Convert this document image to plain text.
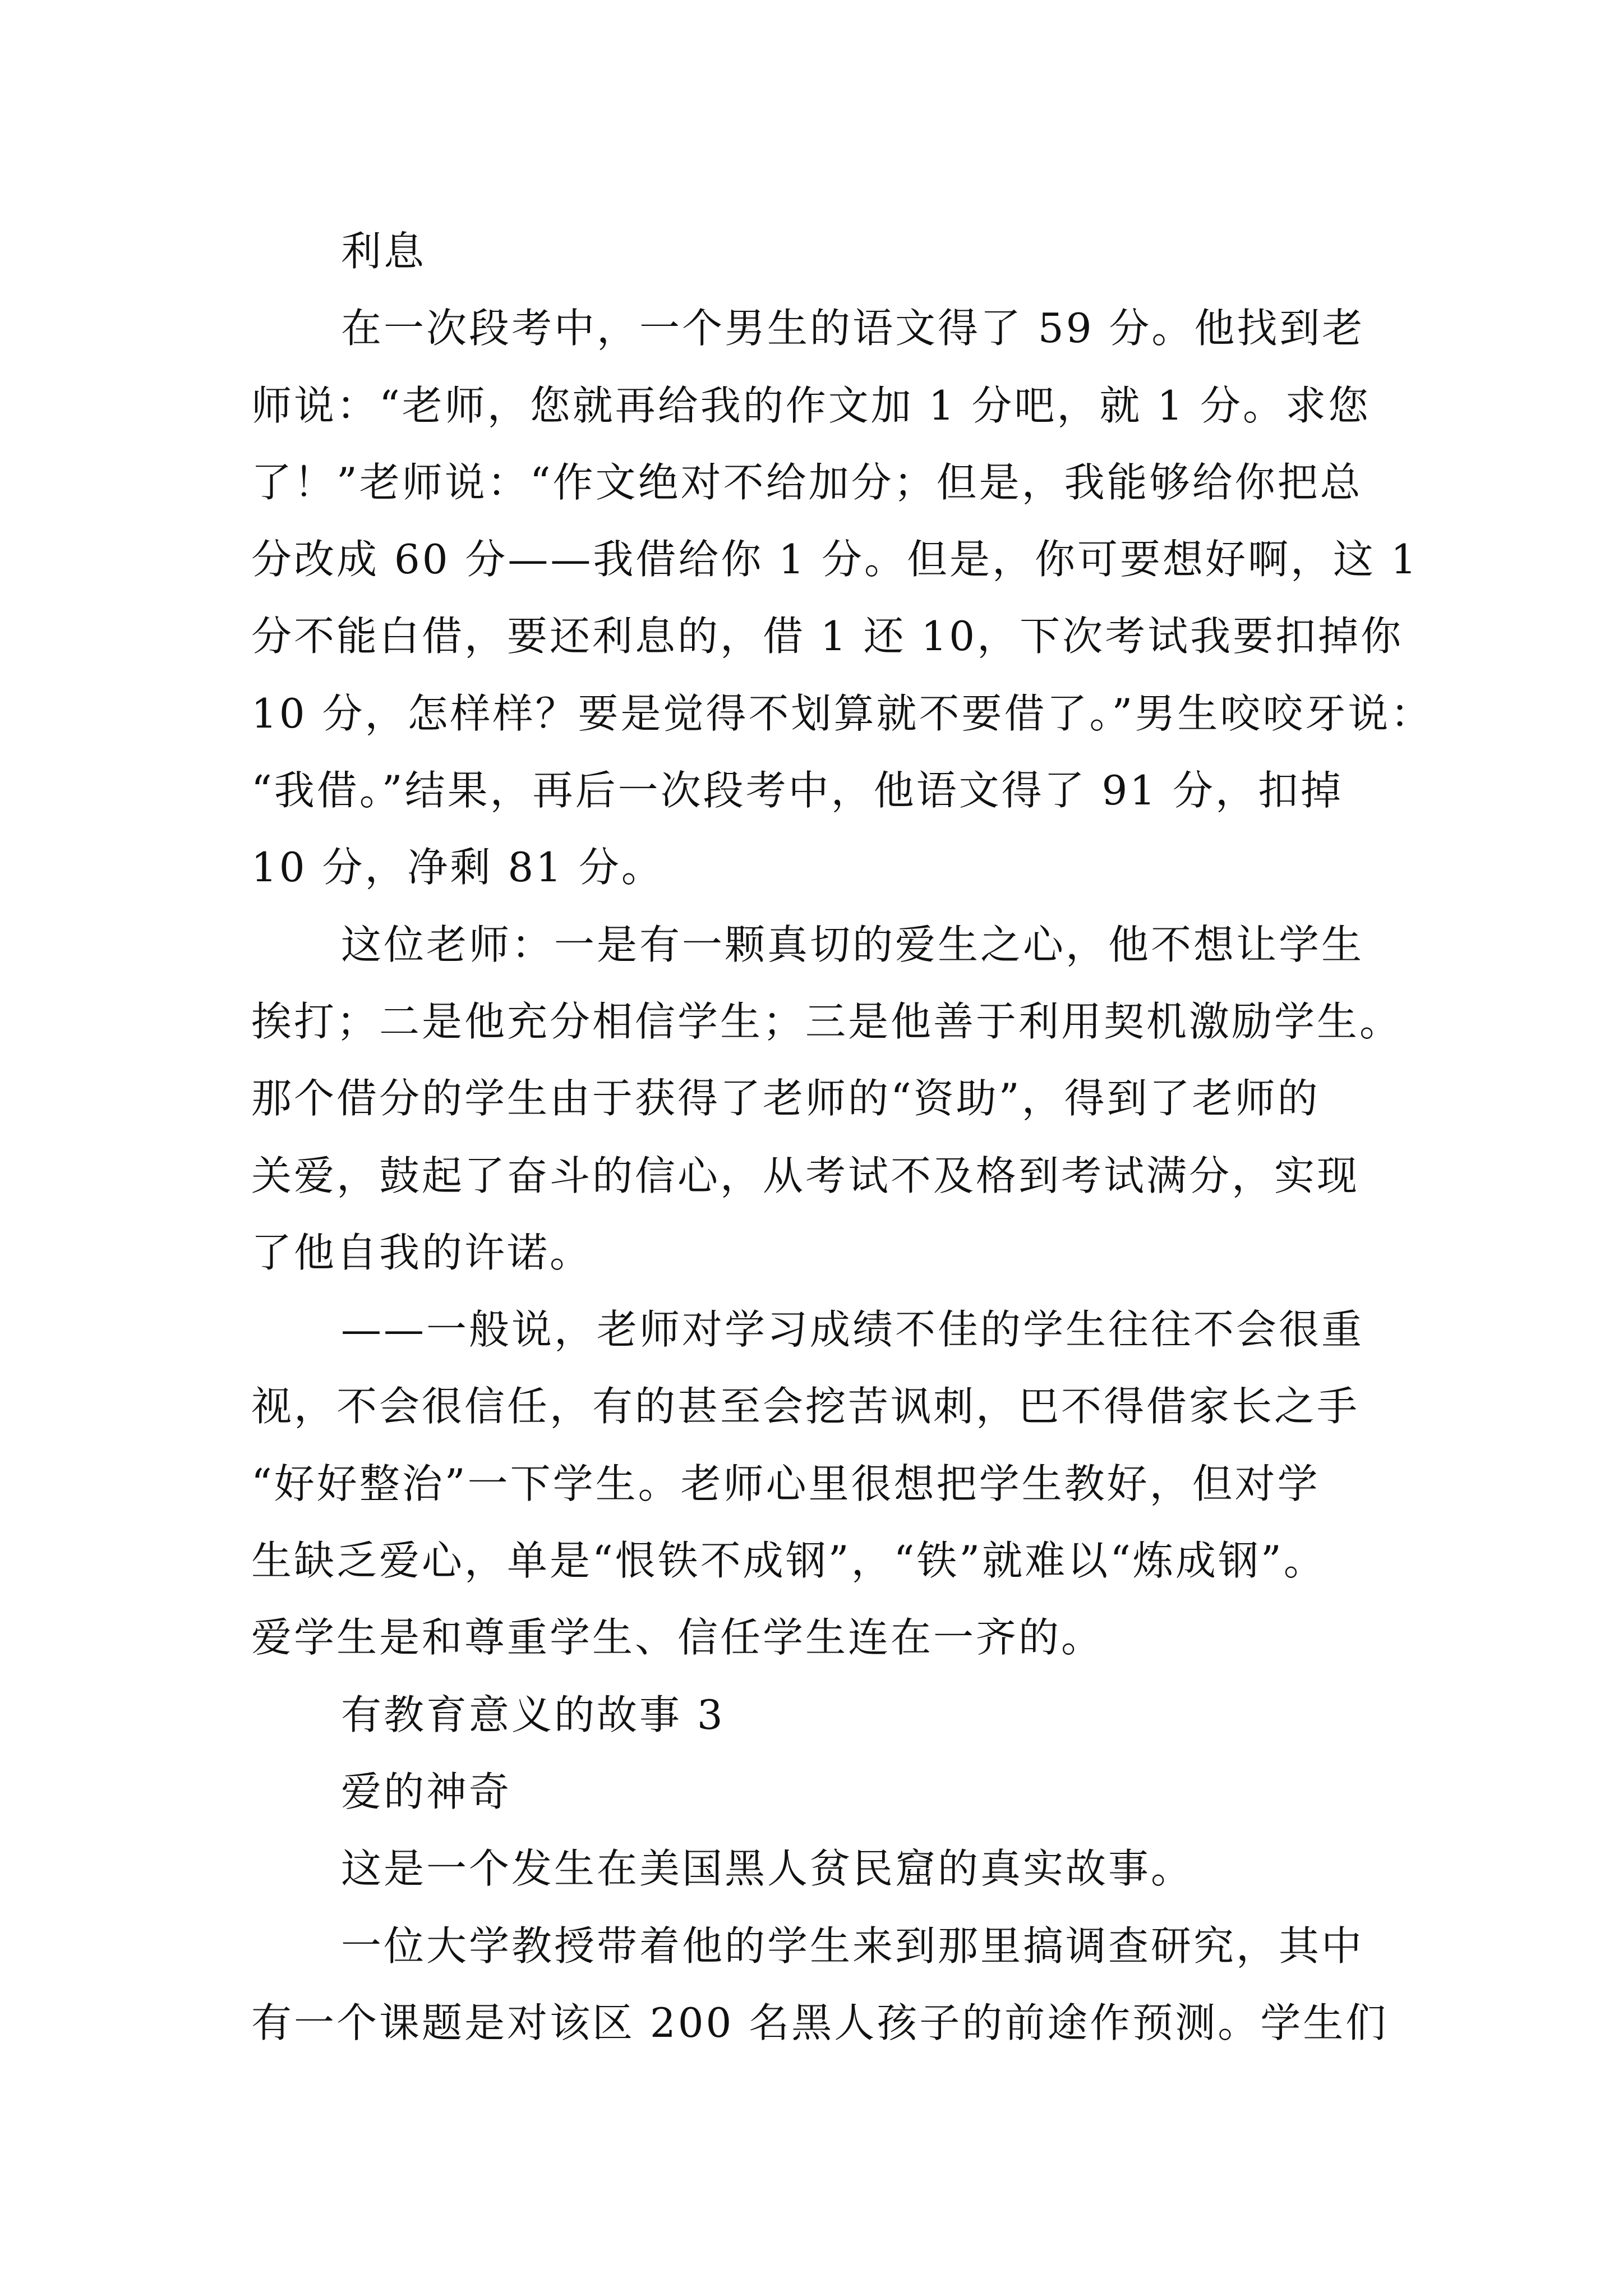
利息
在一次段考中，一个男生的语文得了 59 分。他找到老
师说：“老师，您就再给我的作文加 1 分吧，就 1 分。求您
了！”老师说：“作文绝对不给加分；但是，我能够给你把总
分改成 60 分——我借给你 1 分。但是，你可要想好啊，这 1
分不能白借，要还利息的，借 1 还 10，下次考试我要扣掉你
10 分，怎样样？要是觉得不划算就不要借了。”男生咬咬牙说：
“我借。”结果，再后一次段考中，他语文得了 91 分，扣掉
10 分，净剩 81 分。
这位老师：一是有一颗真切的爱生之心，他不想让学生
挨打；二是他充分相信学生；三是他善于利用契机激励学生。
那个借分的学生由于获得了老师的“资助”，得到了老师的
关爱，鼓起了奋斗的信心，从考试不及格到考试满分，实现
了他自我的许诺。
——一般说，老师对学习成绩不佳的学生往往不会很重
视，不会很信任，有的甚至会挖苦讽刺，巴不得借家长之手
“好好整治”一下学生。老师心里很想把学生教好，但对学
生缺乏爱心，单是“恨铁不成钢”，“铁”就难以“炼成钢”。
爱学生是和尊重学生、信任学生连在一齐的。
有教育意义的故事 3
爱的神奇
这是一个发生在美国黑人贫民窟的真实故事。
一位大学教授带着他的学生来到那里搞调查研究，其中
有一个课题是对该区 200 名黑人孩子的前途作预测。学生们
